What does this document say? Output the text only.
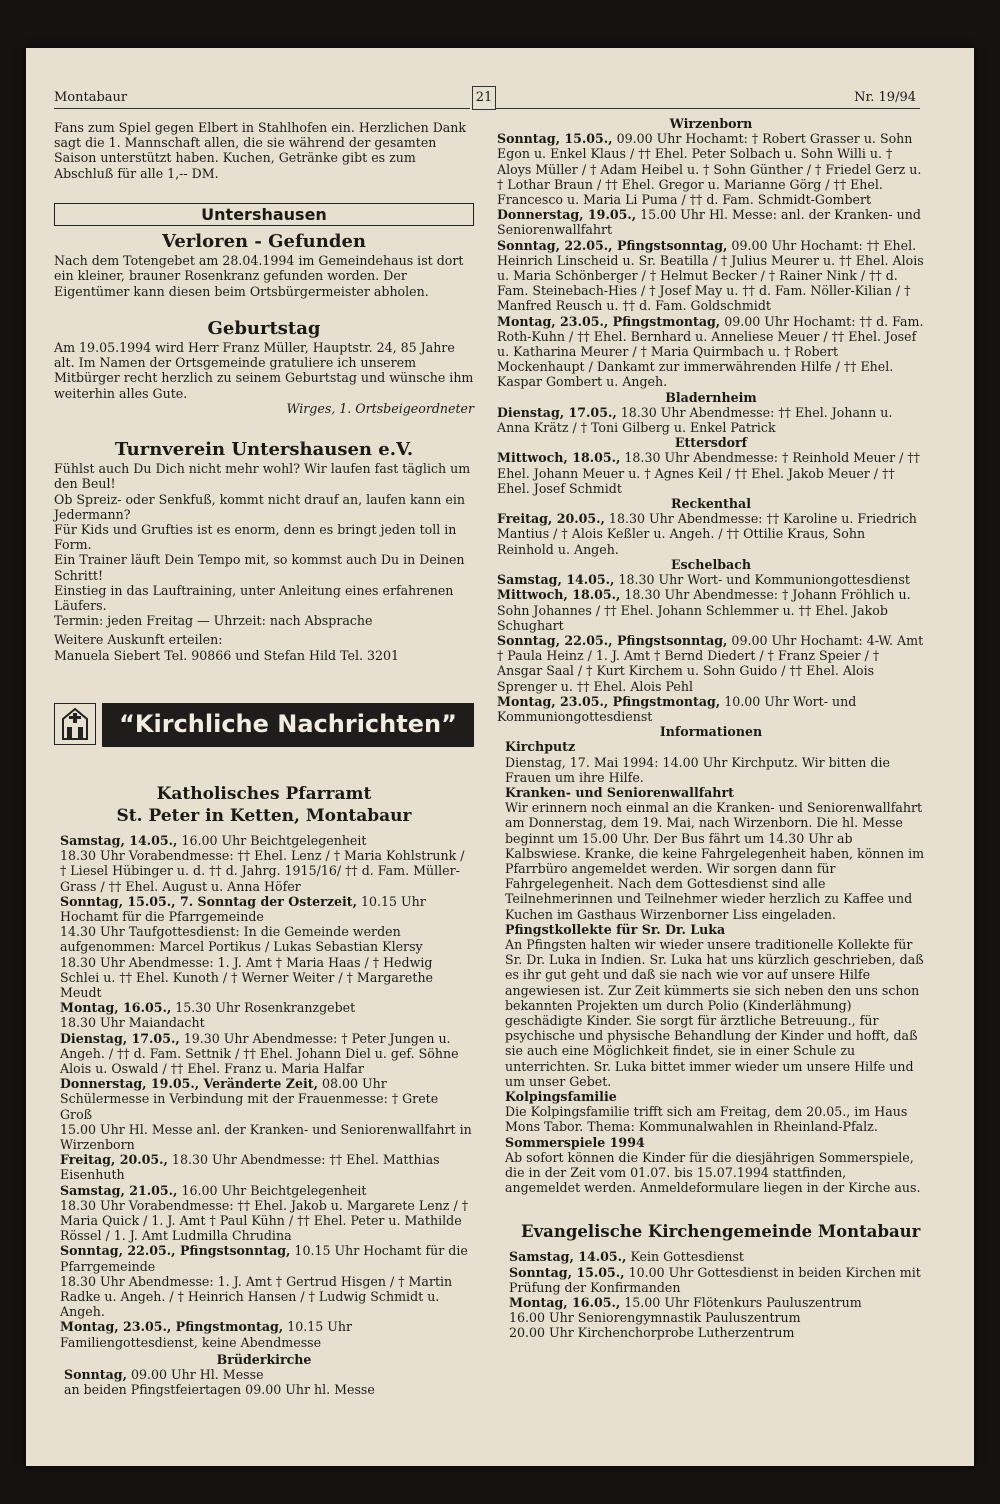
Montabaur	21	Nr. 19/94

Fans zum Spiel gegen Elbert in Stahlhofen ein. Herzlichen Dank sagt die 1. Mannschaft allen, die sie während der gesamten Saison unterstützt haben. Kuchen, Getränke gibt es zum Abschluß für alle 1,-- DM.

Untershausen
Verloren - Gefunden

Nach dem Totengebet am 28.04.1994 im Gemeindehaus ist dort ein kleiner, brauner Rosenkranz gefunden worden. Der Eigentümer kann diesen beim Ortsbürgermeister abholen.

Geburtstag

Am 19.05.1994 wird Herr Franz Müller, Hauptstr. 24, 85 Jahre alt. Im Namen der Ortsgemeinde gratuliere ich unserem Mitbürger recht herzlich zu seinem Geburtstag und wünsche ihm weiterhin alles Gute.

Wirges, 1. Ortsbeigeordneter

Turnverein Untershausen e.V.

Fühlst auch Du Dich nicht mehr wohl? Wir laufen fast täglich um den Beul!

Ob Spreiz- oder Senkfuß, kommt nicht drauf an, laufen kann ein Jedermann?

Für Kids und Grufties ist es enorm, denn es bringt jeden toll in Form.

Ein Trainer läuft Dein Tempo mit, so kommst auch Du in Deinen Schritt!

Einstieg in das Lauftraining, unter Anleitung eines erfahrenen Läufers.

Termin: jeden Freitag — Uhrzeit: nach Absprache

Weitere Auskunft erteilen:

Manuela Siebert Tel. 90866 und Stefan Hild Tel. 3201

“Kirchliche Nachrichten”
Katholisches Pfarramt
St. Peter in Ketten, Montabaur

Samstag, 14.05., 16.00 Uhr Beichtgelegenheit

18.30 Uhr Vorabendmesse: †† Ehel. Lenz / † Maria Kohlstrunk / † Liesel Hübinger u. d. †† d. Jahrg. 1915/16/ †† d. Fam. Müller-Grass / †† Ehel. August u. Anna Höfer

Sonntag, 15.05., 7. Sonntag der Osterzeit, 10.15 Uhr Hochamt für die Pfarrgemeinde

14.30 Uhr Taufgottesdienst: In die Gemeinde werden aufgenommen: Marcel Portikus / Lukas Sebastian Klersy

18.30 Uhr Abendmesse: 1. J. Amt † Maria Haas / † Hedwig Schlei u. †† Ehel. Kunoth / † Werner Weiter / † Margarethe Meudt

Montag, 16.05., 15.30 Uhr Rosenkranzgebet

18.30 Uhr Maiandacht

Dienstag, 17.05., 19.30 Uhr Abendmesse: † Peter Jungen u. Angeh. / †† d. Fam. Settnik / †† Ehel. Johann Diel u. gef. Söhne Alois u. Oswald / †† Ehel. Franz u. Maria Halfar

Donnerstag, 19.05., Veränderte Zeit, 08.00 Uhr Schülermesse in Verbindung mit der Frauenmesse: † Grete Groß

15.00 Uhr Hl. Messe anl. der Kranken- und Seniorenwallfahrt in Wirzenborn

Freitag, 20.05., 18.30 Uhr Abendmesse: †† Ehel. Matthias Eisenhuth

Samstag, 21.05., 16.00 Uhr Beichtgelegenheit

18.30 Uhr Vorabendmesse: †† Ehel. Jakob u. Margarete Lenz / † Maria Quick / 1. J. Amt † Paul Kühn / †† Ehel. Peter u. Mathilde Rössel / 1. J. Amt Ludmilla Chrudina

Sonntag, 22.05., Pfingstsonntag, 10.15 Uhr Hochamt für die Pfarrgemeinde

18.30 Uhr Abendmesse: 1. J. Amt † Gertrud Hisgen / † Martin Radke u. Angeh. / † Heinrich Hansen / † Ludwig Schmidt u. Angeh.

Montag, 23.05., Pfingstmontag, 10.15 Uhr Familiengottesdienst, keine Abendmesse

Brüderkirche

Sonntag, 09.00 Uhr Hl. Messe

an beiden Pfingstfeiertagen 09.00 Uhr hl. Messe

Wirzenborn

Sonntag, 15.05., 09.00 Uhr Hochamt: † Robert Grasser u. Sohn Egon u. Enkel Klaus / †† Ehel. Peter Solbach u. Sohn Willi u. † Aloys Müller / † Adam Heibel u. † Sohn Günther / † Friedel Gerz u. † Lothar Braun / †† Ehel. Gregor u. Marianne Görg / †† Ehel. Francesco u. Maria Li Puma / †† d. Fam. Schmidt-Gombert

Donnerstag, 19.05., 15.00 Uhr Hl. Messe: anl. der Kranken- und Seniorenwallfahrt

Sonntag, 22.05., Pfingstsonntag, 09.00 Uhr Hochamt: †† Ehel. Heinrich Linscheid u. Sr. Beatilla / † Julius Meurer u. †† Ehel. Alois u. Maria Schönberger / † Helmut Becker / † Rainer Nink / †† d. Fam. Steinebach-Hies / † Josef May u. †† d. Fam. Nöller-Kilian / † Manfred Reusch u. †† d. Fam. Goldschmidt

Montag, 23.05., Pfingstmontag, 09.00 Uhr Hochamt: †† d. Fam. Roth-Kuhn / †† Ehel. Bernhard u. Anneliese Meuer / †† Ehel. Josef u. Katharina Meurer / † Maria Quirmbach u. † Robert Mockenhaupt / Dankamt zur immerwährenden Hilfe / †† Ehel. Kaspar Gombert u. Angeh.

Bladernheim

Dienstag, 17.05., 18.30 Uhr Abendmesse: †† Ehel. Johann u. Anna Krätz / † Toni Gilberg u. Enkel Patrick

Ettersdorf

Mittwoch, 18.05., 18.30 Uhr Abendmesse: † Reinhold Meuer / †† Ehel. Johann Meuer u. † Agnes Keil / †† Ehel. Jakob Meuer / †† Ehel. Josef Schmidt

Reckenthal

Freitag, 20.05., 18.30 Uhr Abendmesse: †† Karoline u. Friedrich Mantius / † Alois Keßler u. Angeh. / †† Ottilie Kraus, Sohn Reinhold u. Angeh.

Eschelbach

Samstag, 14.05., 18.30 Uhr Wort- und Kommuniongottesdienst

Mittwoch, 18.05., 18.30 Uhr Abendmesse: † Johann Fröhlich u. Sohn Johannes / †† Ehel. Johann Schlemmer u. †† Ehel. Jakob Schughart

Sonntag, 22.05., Pfingstsonntag, 09.00 Uhr Hochamt: 4-W. Amt † Paula Heinz / 1. J. Amt † Bernd Diedert / † Franz Speier / † Ansgar Saal / † Kurt Kirchem u. Sohn Guido / †† Ehel. Alois Sprenger u. †† Ehel. Alois Pehl

Montag, 23.05., Pfingstmontag, 10.00 Uhr Wort- und Kommuniongottesdienst

Informationen

Kirchputz

Dienstag, 17. Mai 1994: 14.00 Uhr Kirchputz. Wir bitten die Frauen um ihre Hilfe.

Kranken- und Seniorenwallfahrt

Wir erinnern noch einmal an die Kranken- und Seniorenwallfahrt am Donnerstag, dem 19. Mai, nach Wirzenborn. Die hl. Messe beginnt um 15.00 Uhr. Der Bus fährt um 14.30 Uhr ab Kalbswiese. Kranke, die keine Fahrgelegenheit haben, können im Pfarrbüro angemeldet werden. Wir sorgen dann für Fahrgelegenheit. Nach dem Gottesdienst sind alle Teilnehmerinnen und Teilnehmer wieder herzlich zu Kaffee und Kuchen im Gasthaus Wirzenborner Liss eingeladen.

Pfingstkollekte für Sr. Dr. Luka

An Pfingsten halten wir wieder unsere traditionelle Kollekte für Sr. Dr. Luka in Indien. Sr. Luka hat uns kürzlich geschrieben, daß es ihr gut geht und daß sie nach wie vor auf unsere Hilfe angewiesen ist. Zur Zeit kümmerts sie sich neben den uns schon bekannten Projekten um durch Polio (Kinderlähmung) geschädigte Kinder. Sie sorgt für ärztliche Betreuung., für psychische und physische Behandlung der Kinder und hofft, daß sie auch eine Möglichkeit findet, sie in einer Schule zu unterrichten. Sr. Luka bittet immer wieder um unsere Hilfe und um unser Gebet.

Kolpingsfamilie

Die Kolpingsfamilie trifft sich am Freitag, dem 20.05., im Haus Mons Tabor. Thema: Kommunalwahlen in Rheinland-Pfalz.

Sommerspiele 1994

Ab sofort können die Kinder für die diesjährigen Sommerspiele, die in der Zeit vom 01.07. bis 15.07.1994 stattfinden, angemeldet werden. Anmeldeformulare liegen in der Kirche aus.

Evangelische Kirchengemeinde Montabaur

Samstag, 14.05., Kein Gottesdienst

Sonntag, 15.05., 10.00 Uhr Gottesdienst in beiden Kirchen mit Prüfung der Konfirmanden

Montag, 16.05., 15.00 Uhr Flötenkurs Pauluszentrum

16.00 Uhr Seniorengymnastik Pauluszentrum

20.00 Uhr Kirchenchorprobe Lutherzentrum
